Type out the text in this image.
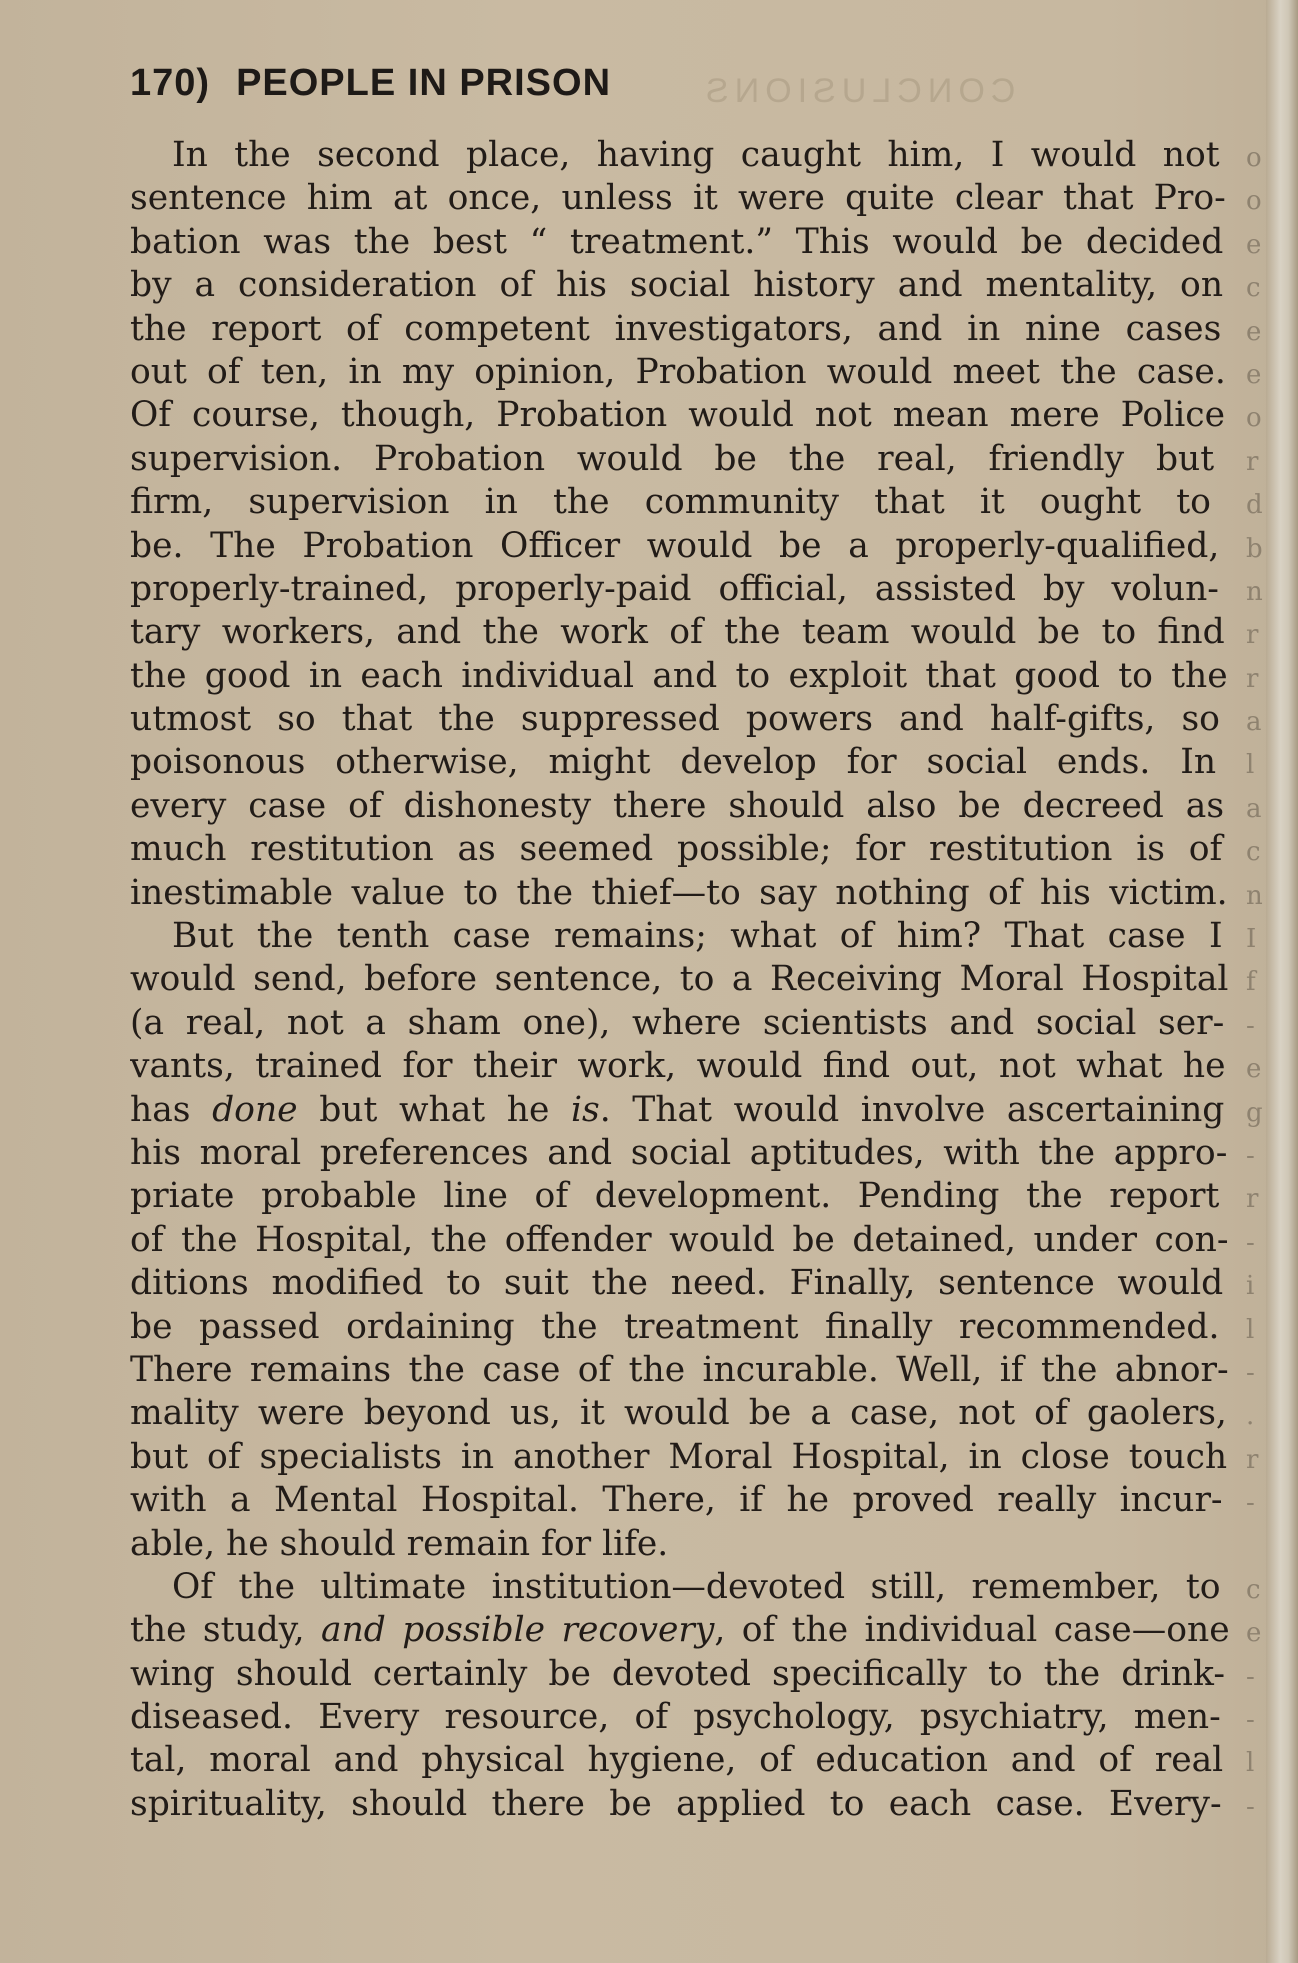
CONCLUSIONS
170) PEOPLE IN PRISON
In the second place, having caught him, I would not o
sentence him at once, unless it were quite clear that Pro- o
bation was the best “ treatment.” This would be decided e
by a consideration of his social history and mentality, on c
the report of competent investigators, and in nine cases e
out of ten, in my opinion, Probation would meet the case. e
Of course, though, Probation would not mean mere Police o
supervision. Probation would be the real, friendly but r
firm, supervision in the community that it ought to d
be. The Probation Officer would be a properly-qualified, b
properly-trained, properly-paid official, assisted by volun- n
tary workers, and the work of the team would be to find r
the good in each individual and to exploit that good to the r
utmost so that the suppressed powers and half-gifts, so a
poisonous otherwise, might develop for social ends. In l
every case of dishonesty there should also be decreed as a
much restitution as seemed possible; for restitution is of c
inestimable value to the thief—to say nothing of his victim. n
But the tenth case remains; what of him? That case I I
would send, before sentence, to a Receiving Moral Hospital f
(a real, not a sham one), where scientists and social ser- -
vants, trained for their work, would find out, not what he e
has done but what he is. That would involve ascertaining g
his moral preferences and social aptitudes, with the appro- -
priate probable line of development. Pending the report r
of the Hospital, the offender would be detained, under con- -
ditions modified to suit the need. Finally, sentence would i
be passed ordaining the treatment finally recommended. l
There remains the case of the incurable. Well, if the abnor- -
mality were beyond us, it would be a case, not of gaolers, .
but of specialists in another Moral Hospital, in close touch r
with a Mental Hospital. There, if he proved really incur- -
able, he should remain for life.
Of the ultimate institution—devoted still, remember, to c
the study, and possible recovery, of the individual case—one e
wing should certainly be devoted specifically to the drink- -
diseased. Every resource, of psychology, psychiatry, men- -
tal, moral and physical hygiene, of education and of real l
spirituality, should there be applied to each case. Every- -
